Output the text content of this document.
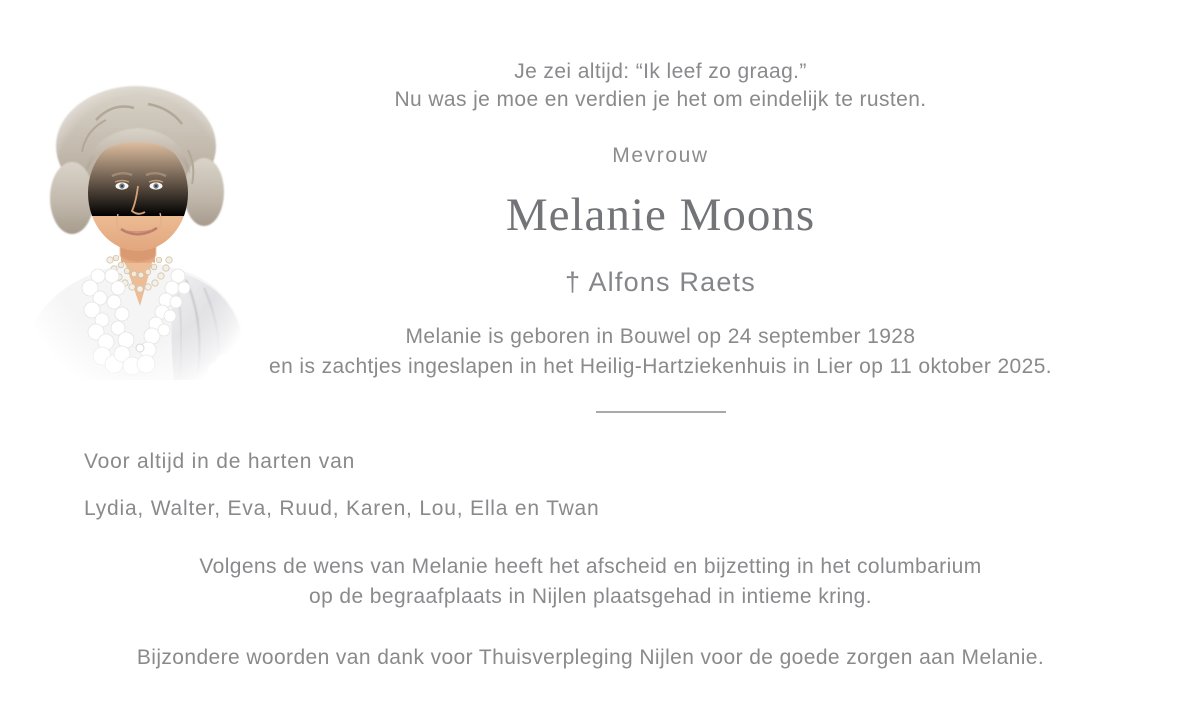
Je zei altijd: “Ik leef zo graag.”
Nu was je moe en verdien je het om eindelijk te rusten.
Mevrouw
Melanie Moons
† Alfons Raets
Melanie is geboren in Bouwel op 24 september 1928
en is zachtjes ingeslapen in het Heilig-Hartziekenhuis in Lier op 11 oktober 2025.
Voor altijd in de harten van
Lydia, Walter, Eva, Ruud, Karen, Lou, Ella en Twan
Volgens de wens van Melanie heeft het afscheid en bijzetting in het columbarium
op de begraafplaats in Nijlen plaatsgehad in intieme kring.
Bijzondere woorden van dank voor Thuisverpleging Nijlen voor de goede zorgen aan Melanie.
